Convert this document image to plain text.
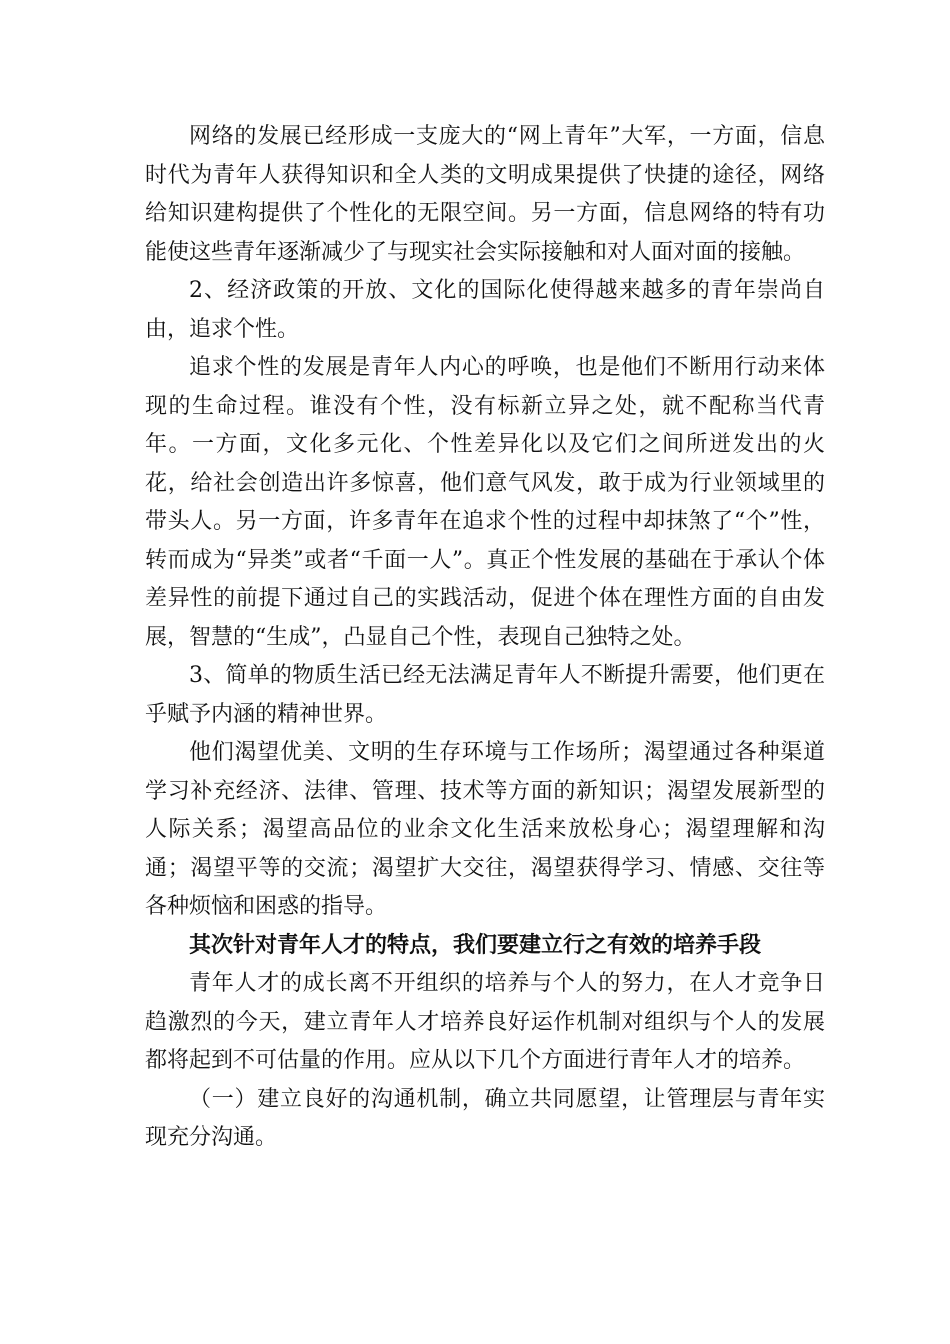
网络的发展已经形成一支庞大的“网上青年”大军，一方面，信息时代为青年人获得知识和全人类的文明成果提供了快捷的途径，网络给知识建构提供了个性化的无限空间。另一方面，信息网络的特有功能使这些青年逐渐减少了与现实社会实际接触和对人面对面的接触。

2、经济政策的开放、文化的国际化使得越来越多的青年崇尚自由，追求个性。

追求个性的发展是青年人内心的呼唤，也是他们不断用行动来体现的生命过程。谁没有个性，没有标新立异之处，就不配称当代青年。一方面，文化多元化、个性差异化以及它们之间所迸发出的火花，给社会创造出许多惊喜，他们意气风发，敢于成为行业领域里的带头人。另一方面，许多青年在追求个性的过程中却抹煞了“个”性，转而成为“异类”或者“千面一人”。真正个性发展的基础在于承认个体差异性的前提下通过自己的实践活动，促进个体在理性方面的自由发展，智慧的“生成”，凸显自己个性，表现自己独特之处。

3、简单的物质生活已经无法满足青年人不断提升需要，他们更在乎赋予内涵的精神世界。

他们渴望优美、文明的生存环境与工作场所；渴望通过各种渠道学习补充经济、法律、管理、技术等方面的新知识；渴望发展新型的人际关系；渴望高品位的业余文化生活来放松身心；渴望理解和沟通；渴望平等的交流；渴望扩大交往，渴望获得学习、情感、交往等各种烦恼和困惑的指导。

其次针对青年人才的特点，我们要建立行之有效的培养手段

青年人才的成长离不开组织的培养与个人的努力，在人才竞争日趋激烈的今天，建立青年人才培养良好运作机制对组织与个人的发展都将起到不可估量的作用。应从以下几个方面进行青年人才的培养。

（一）建立良好的沟通机制，确立共同愿望，让管理层与青年实现充分沟通。
